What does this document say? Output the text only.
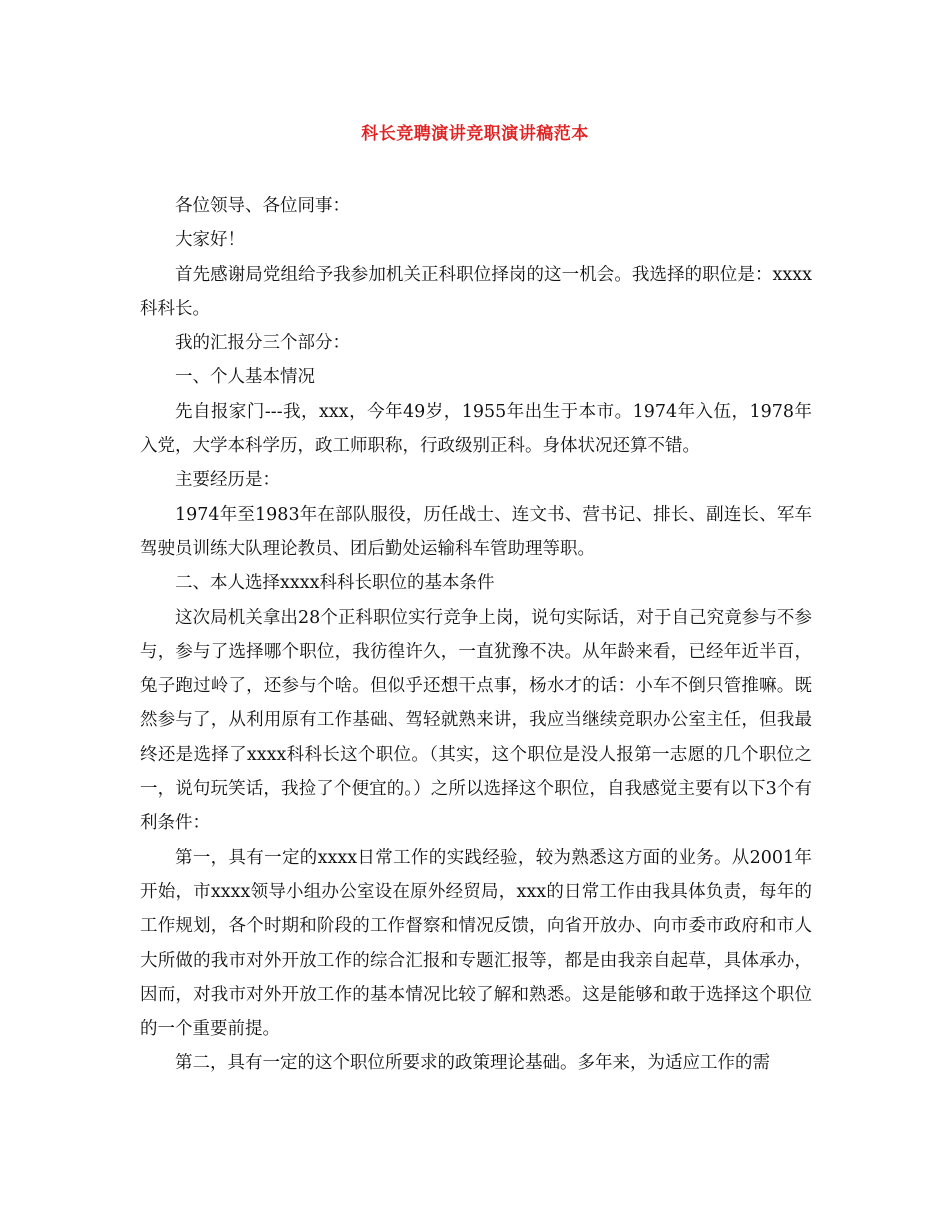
科长竞聘演讲竞职演讲稿范本

各位领导、各位同事：

大家好！

首先感谢局党组给予我参加机关正科职位择岗的这一机会。我选择的职位是：xxxx科科长。

我的汇报分三个部分：

一、个人基本情况

先自报家门---我，xxx，今年49岁，1955年出生于本市。1974年入伍，1978年入党，大学本科学历，政工师职称，行政级别正科。身体状况还算不错。

主要经历是：

1974年至1983年在部队服役，历任战士、连文书、营书记、排长、副连长、军车驾驶员训练大队理论教员、团后勤处运输科车管助理等职。

二、本人选择xxxx科科长职位的基本条件

这次局机关拿出28个正科职位实行竞争上岗，说句实际话，对于自己究竟参与不参与，参与了选择哪个职位，我彷徨许久，一直犹豫不决。从年龄来看，已经年近半百，兔子跑过岭了，还参与个啥。但似乎还想干点事，杨水才的话：小车不倒只管推嘛。既然参与了，从利用原有工作基础、驾轻就熟来讲，我应当继续竞职办公室主任，但我最终还是选择了xxxx科科长这个职位。（其实，这个职位是没人报第一志愿的几个职位之一，说句玩笑话，我捡了个便宜的。）之所以选择这个职位，自我感觉主要有以下3个有利条件：

第一，具有一定的xxxx日常工作的实践经验，较为熟悉这方面的业务。从2001年开始，市xxxx领导小组办公室设在原外经贸局，xxx的日常工作由我具体负责，每年的工作规划，各个时期和阶段的工作督察和情况反馈，向省开放办、向市委市政府和市人大所做的我市对外开放工作的综合汇报和专题汇报等，都是由我亲自起草，具体承办，因而，对我市对外开放工作的基本情况比较了解和熟悉。这是能够和敢于选择这个职位的一个重要前提。

第二，具有一定的这个职位所要求的政策理论基础。多年来，为适应工作的需
